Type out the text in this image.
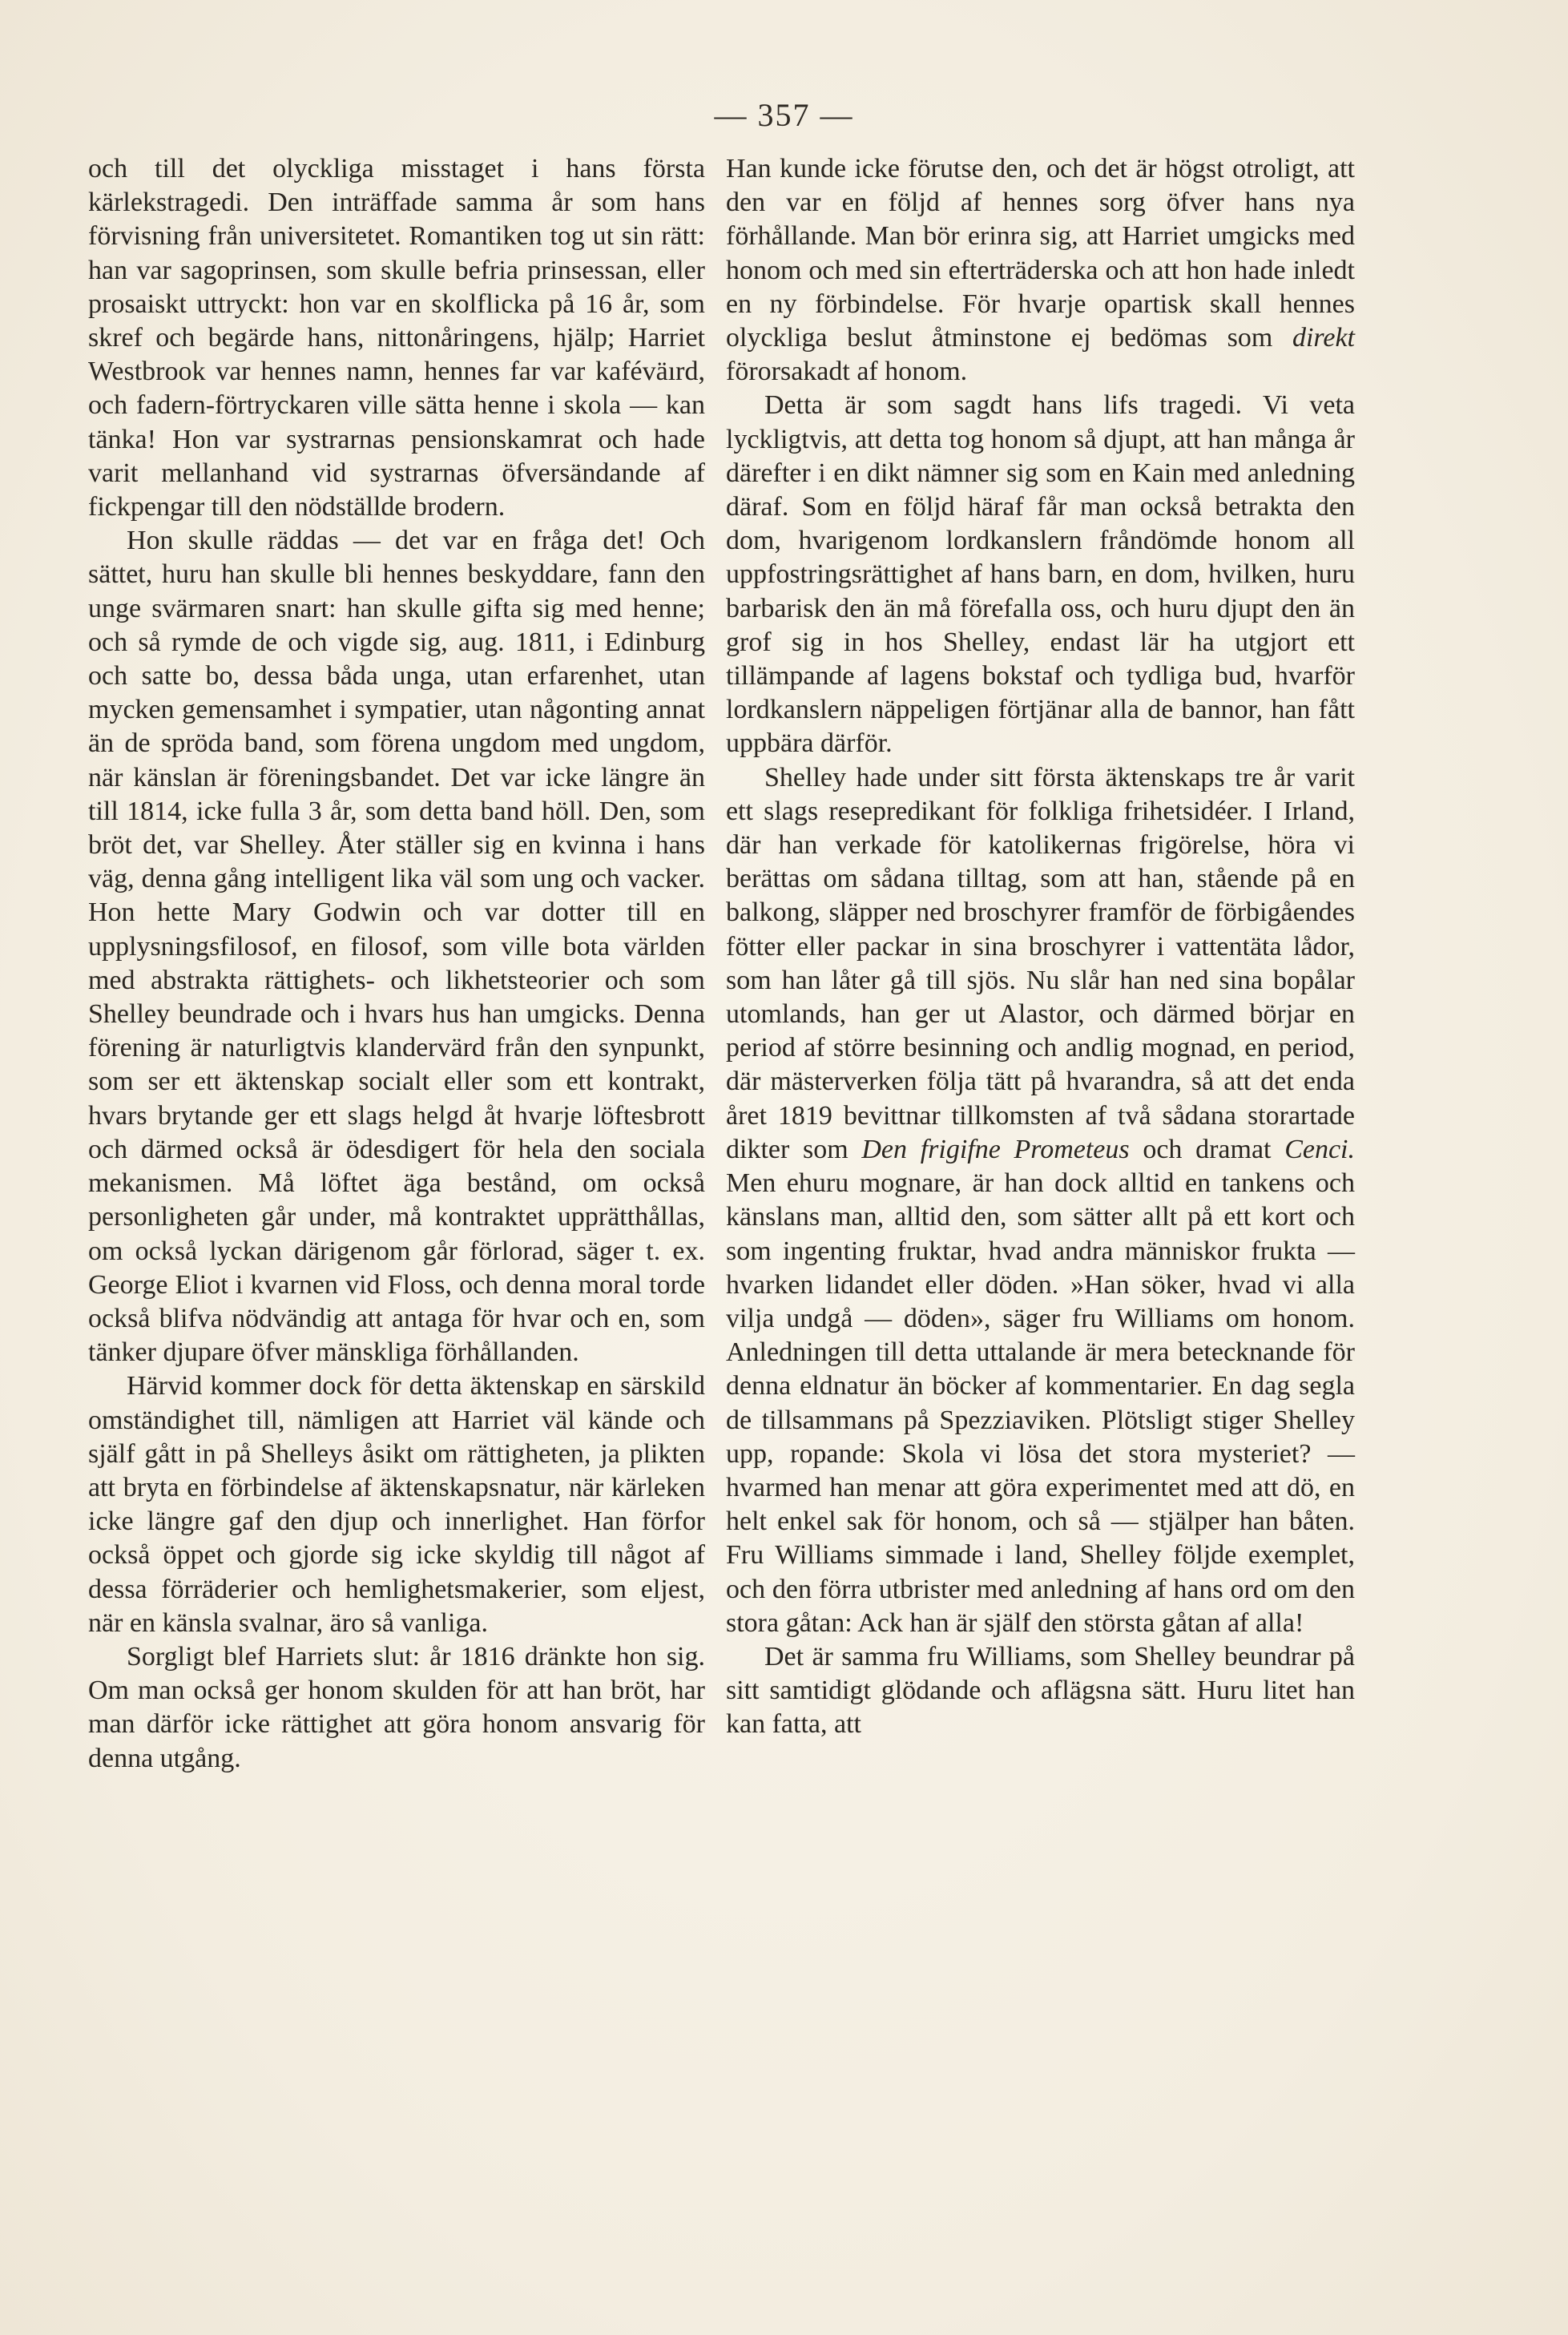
— 357 —

och till det olyckliga misstaget i hans första kärlekstragedi. Den inträffade samma år som hans förvisning från universitetet. Romantiken tog ut sin rätt: han var sagoprinsen, som skulle befria prinsessan, eller prosaiskt uttryckt: hon var en skolflicka på 16 år, som skref och begärde hans, nittonåringens, hjälp; Harriet Westbrook var hennes namn, hennes far var kaféväırd, och fadern-förtryckaren ville sätta henne i skola — kan tänka! Hon var systrarnas pensionskamrat och hade varit mellanhand vid systrarnas öfversändande af fickpengar till den nödställde brodern.

Hon skulle räddas — det var en fråga det! Och sättet, huru han skulle bli hennes beskyddare, fann den unge svärmaren snart: han skulle gifta sig med henne; och så rymde de och vigde sig, aug. 1811, i Edinburg och satte bo, dessa båda unga, utan erfarenhet, utan mycken gemensamhet i sympatier, utan någonting annat än de spröda band, som förena ungdom med ungdom, när känslan är föreningsbandet. Det var icke längre än till 1814, icke fulla 3 år, som detta band höll. Den, som bröt det, var Shelley. Åter ställer sig en kvinna i hans väg, denna gång intelligent lika väl som ung och vacker. Hon hette Mary Godwin och var dotter till en upplysningsfilosof, en filosof, som ville bota världen med abstrakta rättighets- och likhetsteorier och som Shelley beundrade och i hvars hus han umgicks. Denna förening är naturligtvis klandervärd från den synpunkt, som ser ett äktenskap socialt eller som ett kontrakt, hvars brytande ger ett slags helgd åt hvarje löftesbrott och därmed också är ödesdigert för hela den sociala mekanismen. Må löftet äga bestånd, om också personligheten går under, må kontraktet upprätthållas, om också lyckan därigenom går förlorad, säger t. ex. George Eliot i kvarnen vid Floss, och denna moral torde också blifva nödvändig att antaga för hvar och en, som tänker djupare öfver mänskliga förhållanden.

Härvid kommer dock för detta äktenskap en särskild omständighet till, nämligen att Harriet väl kände och själf gått in på Shelleys åsikt om rättigheten, ja plikten att bryta en förbindelse af äktenskapsnatur, när kärleken icke längre gaf den djup och innerlighet. Han förfor också öppet och gjorde sig icke skyldig till något af dessa förräderier och hemlighetsmakerier, som eljest, när en känsla svalnar, äro så vanliga.

Sorgligt blef Harriets slut: år 1816 dränkte hon sig. Om man också ger honom skulden för att han bröt, har man därför icke rättighet att göra honom ansvarig för denna utgång.

Han kunde icke förutse den, och det är högst otroligt, att den var en följd af hennes sorg öfver hans nya förhållande. Man bör erinra sig, att Harriet umgicks med honom och med sin efterträderska och att hon hade inledt en ny förbindelse. För hvarje opartisk skall hennes olyckliga beslut åtminstone ej bedömas som direkt förorsakadt af honom.

Detta är som sagdt hans lifs tragedi. Vi veta lyckligtvis, att detta tog honom så djupt, att han många år därefter i en dikt nämner sig som en Kain med anledning däraf. Som en följd häraf får man också betrakta den dom, hvarigenom lordkanslern fråndömde honom all uppfostringsrättighet af hans barn, en dom, hvilken, huru barbarisk den än må förefalla oss, och huru djupt den än grof sig in hos Shelley, endast lär ha utgjort ett tillämpande af lagens bokstaf och tydliga bud, hvarför lordkanslern näppeligen förtjänar alla de bannor, han fått uppbära därför.

Shelley hade under sitt första äktenskaps tre år varit ett slags resepredikant för folkliga frihetsidéer. I Irland, där han verkade för katolikernas frigörelse, höra vi berättas om sådana tilltag, som att han, stående på en balkong, släpper ned broschyrer framför de förbigåendes fötter eller packar in sina broschyrer i vattentäta lådor, som han låter gå till sjös. Nu slår han ned sina bopålar utomlands, han ger ut Alastor, och därmed börjar en period af större besinning och andlig mognad, en period, där mästerverken följa tätt på hvarandra, så att det enda året 1819 bevittnar tillkomsten af två sådana storartade dikter som Den frigifne Prometeus och dramat Cenci. Men ehuru mognare, är han dock alltid en tankens och känslans man, alltid den, som sätter allt på ett kort och som ingenting fruktar, hvad andra människor frukta — hvarken lidandet eller döden. »Han söker, hvad vi alla vilja undgå — döden», säger fru Williams om honom. Anledningen till detta uttalande är mera betecknande för denna eldnatur än böcker af kommentarier. En dag segla de tillsammans på Spezziaviken. Plötsligt stiger Shelley upp, ropande: Skola vi lösa det stora mysteriet? — hvarmed han menar att göra experimentet med att dö, en helt enkel sak för honom, och så — stjälper han båten. Fru Williams simmade i land, Shelley följde exemplet, och den förra utbrister med anledning af hans ord om den stora gåtan: Ack han är själf den största gåtan af alla!

Det är samma fru Williams, som Shelley beundrar på sitt samtidigt glödande och aflägsna sätt. Huru litet han kan fatta, att
